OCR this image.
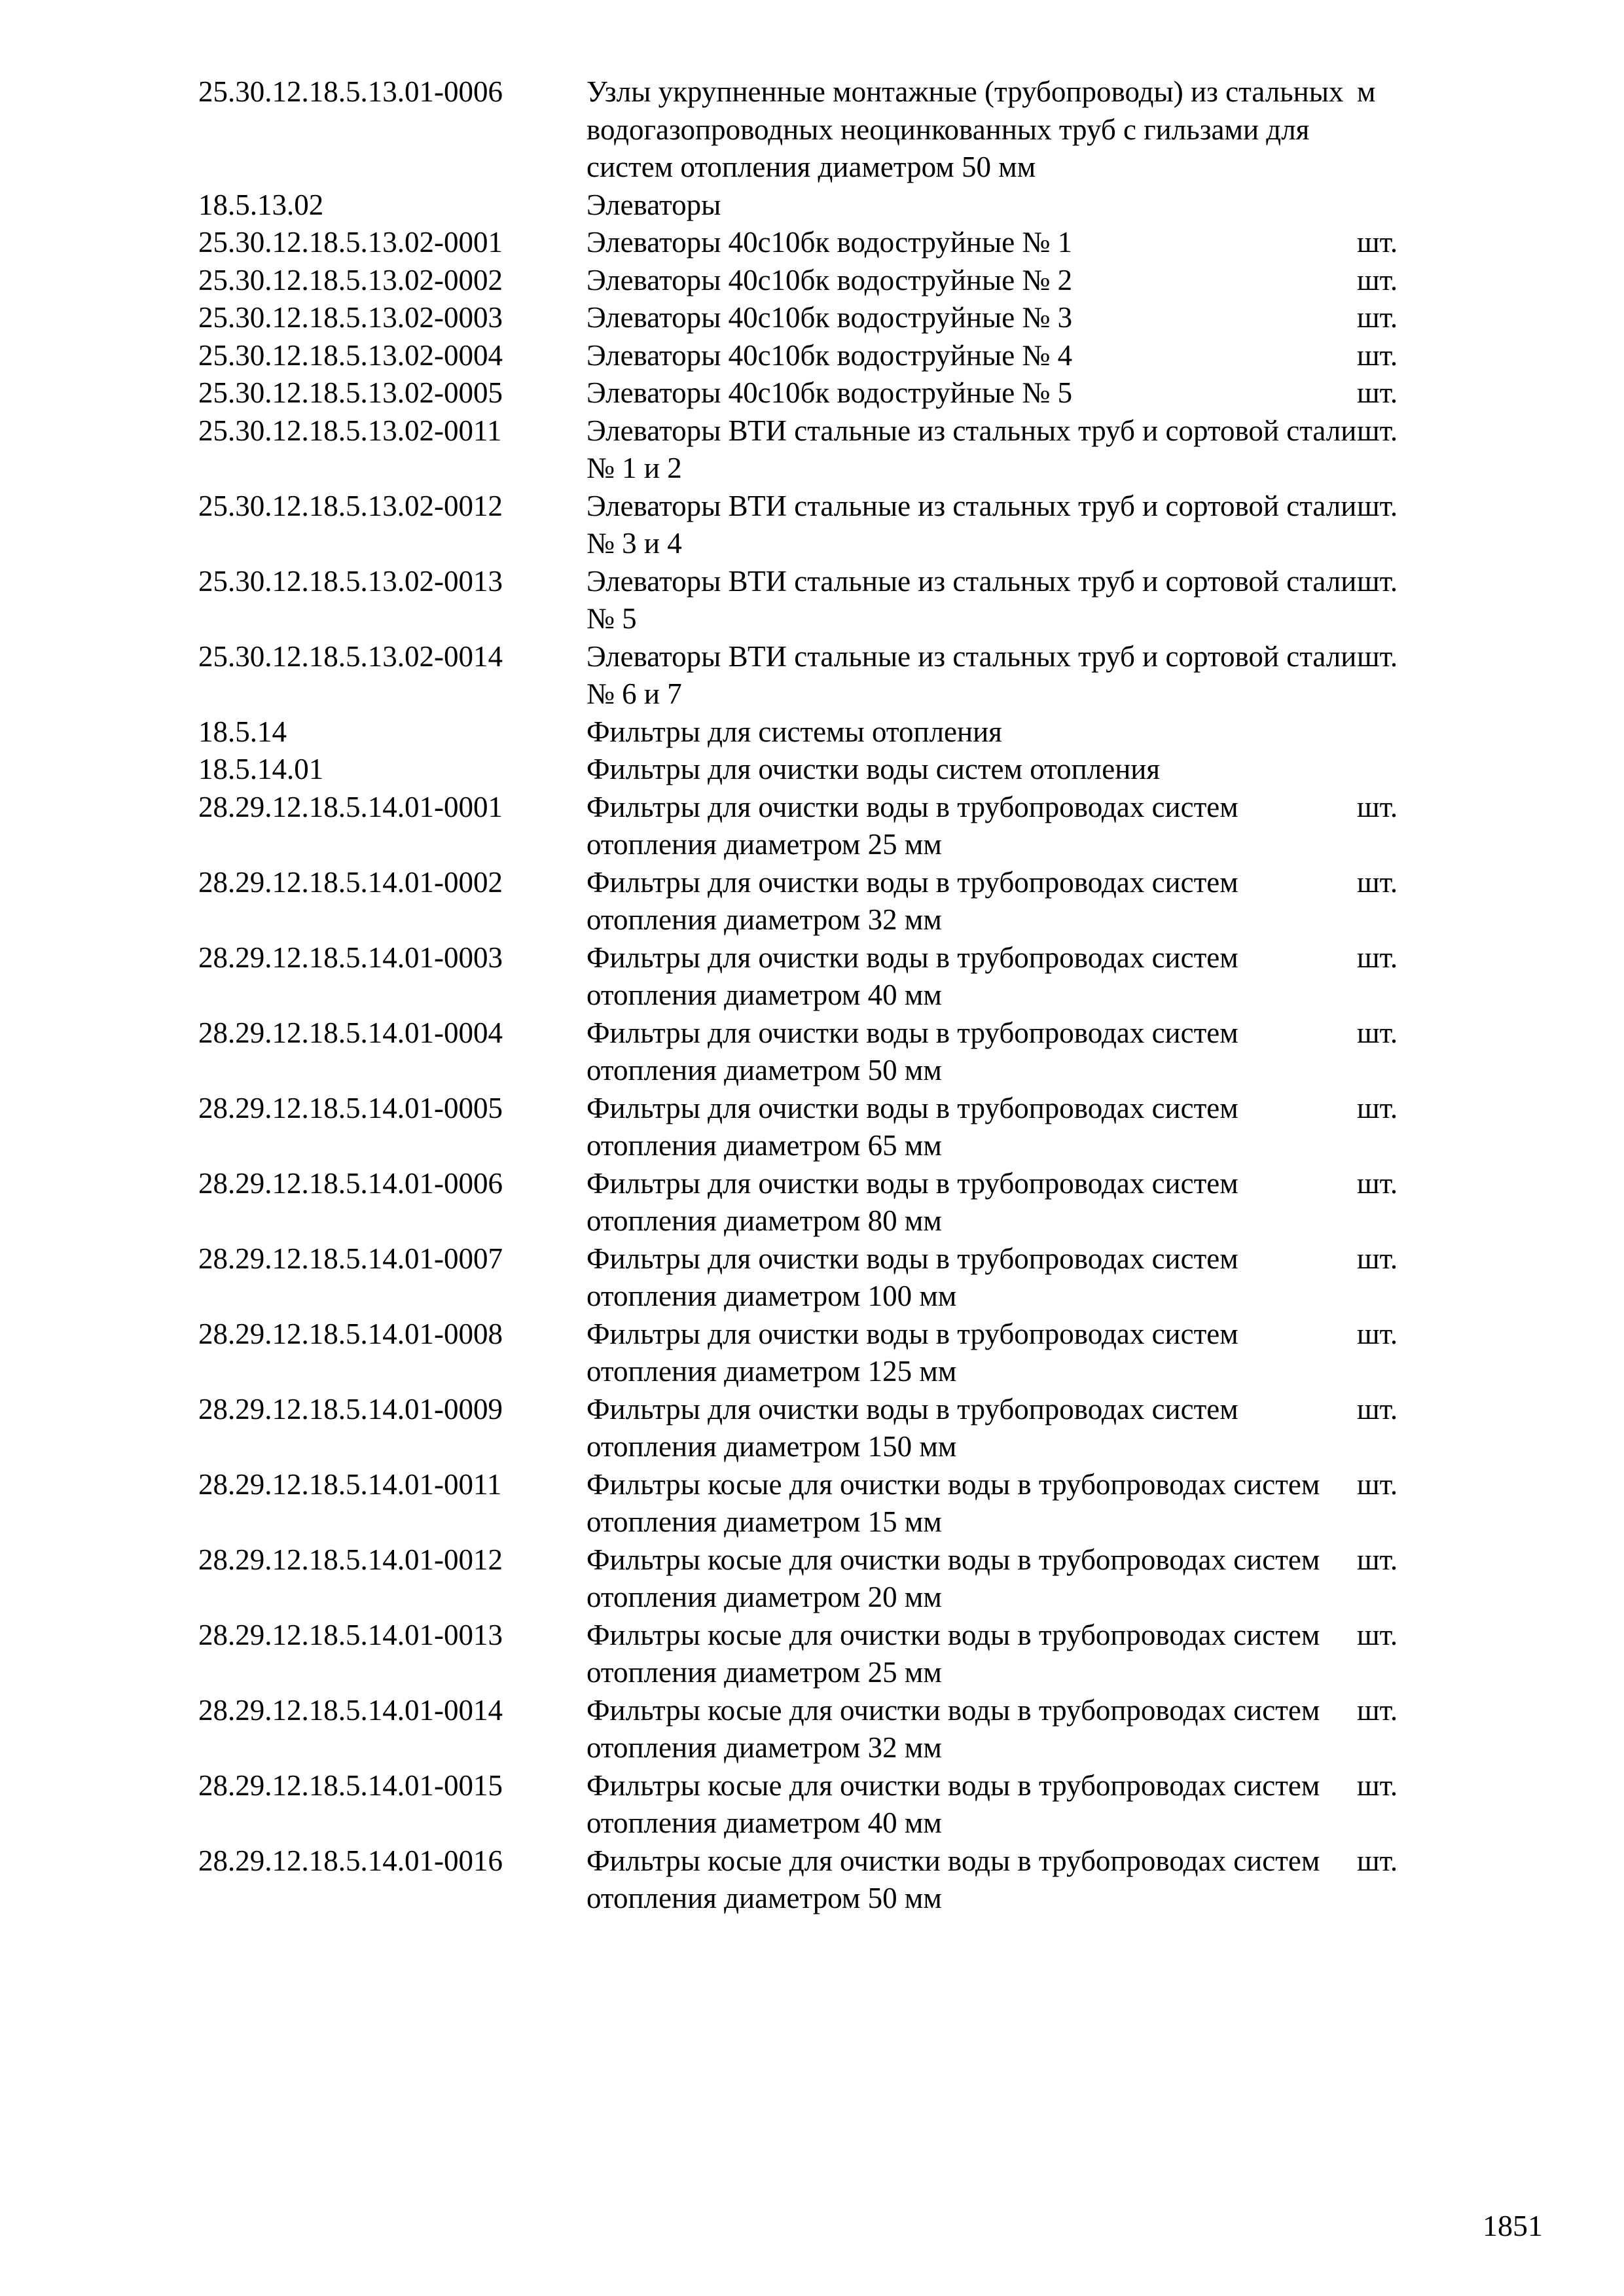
25.30.12.18.5.13.01-0006	Узлы укрупненные монтажные (трубопроводы) из стальных водогазопроводных неоцинкованных труб с гильзами для систем отопления диаметром 50 мм	м
18.5.13.02	Элеваторы	
25.30.12.18.5.13.02-0001	Элеваторы 40с10бк водоструйные № 1	шт.
25.30.12.18.5.13.02-0002	Элеваторы 40с10бк водоструйные № 2	шт.
25.30.12.18.5.13.02-0003	Элеваторы 40с10бк водоструйные № 3	шт.
25.30.12.18.5.13.02-0004	Элеваторы 40с10бк водоструйные № 4	шт.
25.30.12.18.5.13.02-0005	Элеваторы 40с10бк водоструйные № 5	шт.
25.30.12.18.5.13.02-0011	Элеваторы ВТИ стальные из стальных труб и сортовой стали № 1 и 2	шт.
25.30.12.18.5.13.02-0012	Элеваторы ВТИ стальные из стальных труб и сортовой стали № 3 и 4	шт.
25.30.12.18.5.13.02-0013	Элеваторы ВТИ стальные из стальных труб и сортовой стали № 5	шт.
25.30.12.18.5.13.02-0014	Элеваторы ВТИ стальные из стальных труб и сортовой стали № 6 и 7	шт.
18.5.14	Фильтры для системы отопления	
18.5.14.01	Фильтры для очистки воды систем отопления	
28.29.12.18.5.14.01-0001	Фильтры для очистки воды в трубопроводах систем отопления диаметром 25 мм	шт.
28.29.12.18.5.14.01-0002	Фильтры для очистки воды в трубопроводах систем отопления диаметром 32 мм	шт.
28.29.12.18.5.14.01-0003	Фильтры для очистки воды в трубопроводах систем отопления диаметром 40 мм	шт.
28.29.12.18.5.14.01-0004	Фильтры для очистки воды в трубопроводах систем отопления диаметром 50 мм	шт.
28.29.12.18.5.14.01-0005	Фильтры для очистки воды в трубопроводах систем отопления диаметром 65 мм	шт.
28.29.12.18.5.14.01-0006	Фильтры для очистки воды в трубопроводах систем отопления диаметром 80 мм	шт.
28.29.12.18.5.14.01-0007	Фильтры для очистки воды в трубопроводах систем отопления диаметром 100 мм	шт.
28.29.12.18.5.14.01-0008	Фильтры для очистки воды в трубопроводах систем отопления диаметром 125 мм	шт.
28.29.12.18.5.14.01-0009	Фильтры для очистки воды в трубопроводах систем отопления диаметром 150 мм	шт.
28.29.12.18.5.14.01-0011	Фильтры косые для очистки воды в трубопроводах систем отопления диаметром 15 мм	шт.
28.29.12.18.5.14.01-0012	Фильтры косые для очистки воды в трубопроводах систем отопления диаметром 20 мм	шт.
28.29.12.18.5.14.01-0013	Фильтры косые для очистки воды в трубопроводах систем отопления диаметром 25 мм	шт.
28.29.12.18.5.14.01-0014	Фильтры косые для очистки воды в трубопроводах систем отопления диаметром 32 мм	шт.
28.29.12.18.5.14.01-0015	Фильтры косые для очистки воды в трубопроводах систем отопления диаметром 40 мм	шт.
28.29.12.18.5.14.01-0016	Фильтры косые для очистки воды в трубопроводах систем отопления диаметром 50 мм	шт.
1851
